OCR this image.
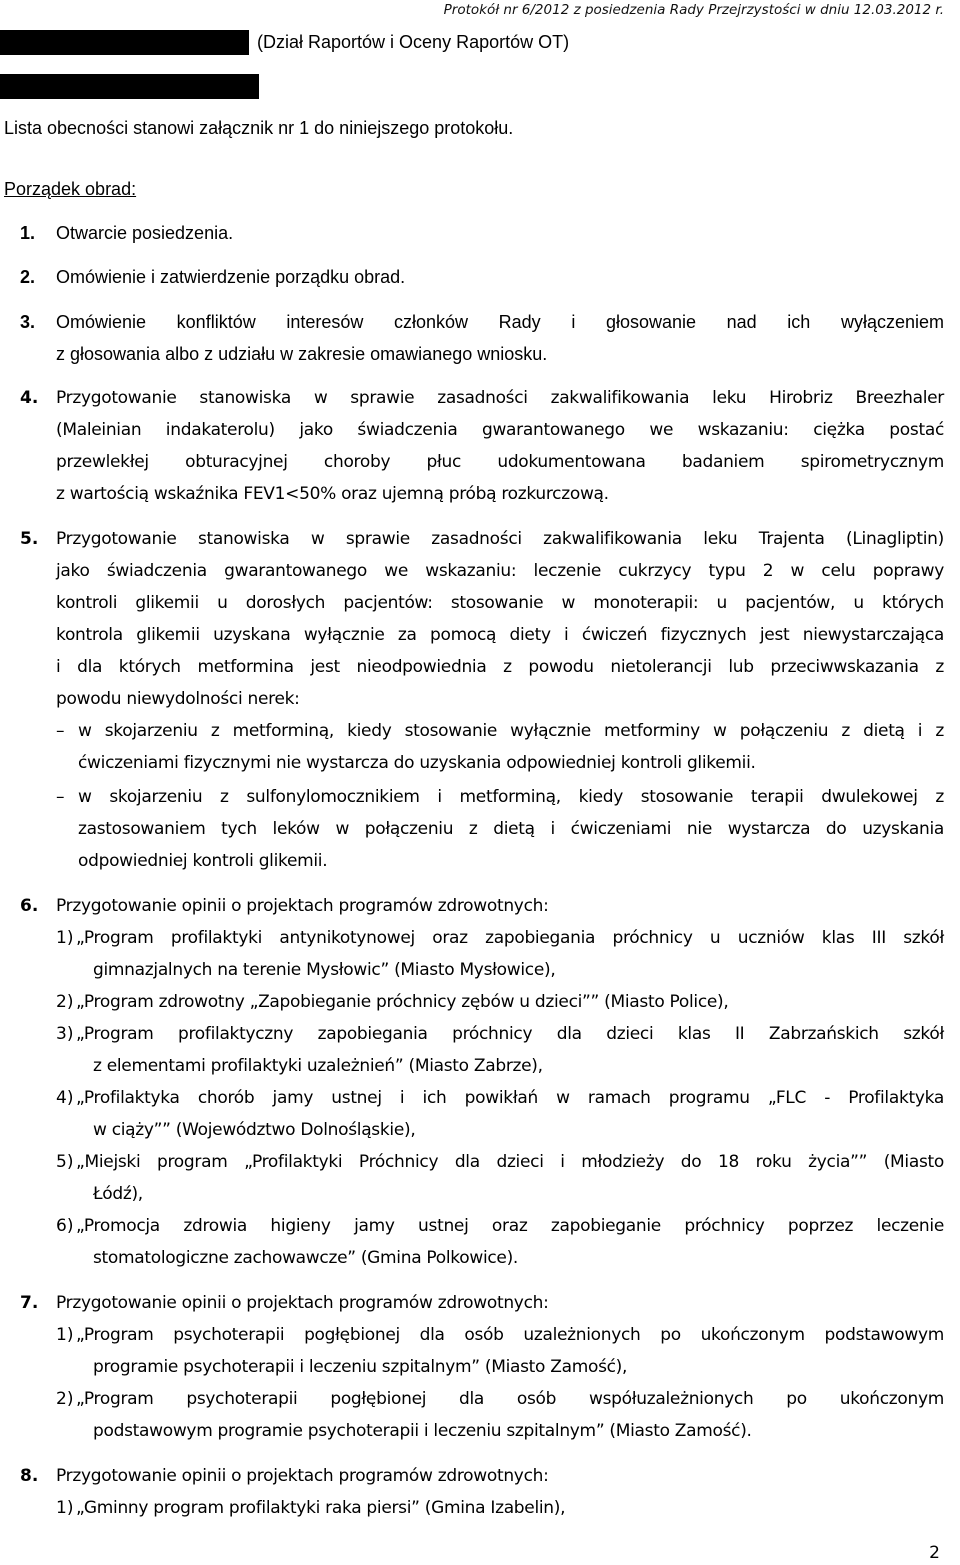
Protokół nr 6/2012 z posiedzenia Rady Przejrzystości w dniu 12.03.2012 r.
(Dział Raportów i Oceny Raportów OT)
Lista obecności stanowi załącznik nr 1 do niniejszego protokołu.
Porządek obrad:
1. Otwarcie posiedzenia.
2. Omówienie i zatwierdzenie porządku obrad.
3. Omówienie konfliktów interesów członków Rady i głosowanie nad ich wyłączeniem
z głosowania albo z udziału w zakresie omawianego wniosku.
4. Przygotowanie stanowiska w sprawie zasadności zakwalifikowania leku Hirobriz Breezhaler
(Maleinian indakaterolu) jako świadczenia gwarantowanego we wskazaniu: ciężka postać
przewlekłej obturacyjnej choroby płuc udokumentowana badaniem spirometrycznym
z wartością wskaźnika FEV1<50% oraz ujemną próbą rozkurczową.
5. Przygotowanie stanowiska w sprawie zasadności zakwalifikowania leku Trajenta (Linagliptin)
jako świadczenia gwarantowanego we wskazaniu: leczenie cukrzycy typu 2 w celu poprawy
kontroli glikemii u dorosłych pacjentów: stosowanie w monoterapii: u pacjentów, u których
kontrola glikemii uzyskana wyłącznie za pomocą diety i ćwiczeń fizycznych jest niewystarczająca
i dla których metformina jest nieodpowiednia z powodu nietolerancji lub przeciwwskazania z
powodu niewydolności nerek:
– w skojarzeniu z metforminą, kiedy stosowanie wyłącznie metforminy w połączeniu z dietą i z
ćwiczeniami fizycznymi nie wystarcza do uzyskania odpowiedniej kontroli glikemii.
– w skojarzeniu z sulfonylomocznikiem i metforminą, kiedy stosowanie terapii dwulekowej z
zastosowaniem tych leków w połączeniu z dietą i ćwiczeniami nie wystarcza do uzyskania
odpowiedniej kontroli glikemii.
6. Przygotowanie opinii o projektach programów zdrowotnych:
1) „Program profilaktyki antynikotynowej oraz zapobiegania próchnicy u uczniów klas III szkół
gimnazjalnych na terenie Mysłowic” (Miasto Mysłowice),
2) „Program zdrowotny „Zapobieganie próchnicy zębów u dzieci”” (Miasto Police),
3) „Program profilaktyczny zapobiegania próchnicy dla dzieci klas II Zabrzańskich szkół
z elementami profilaktyki uzależnień” (Miasto Zabrze),
4) „Profilaktyka chorób jamy ustnej i ich powikłań w ramach programu „FLC - Profilaktyka
w ciąży”” (Województwo Dolnośląskie),
5) „Miejski program „Profilaktyki Próchnicy dla dzieci i młodzieży do 18 roku życia”” (Miasto
Łódź),
6) „Promocja zdrowia higieny jamy ustnej oraz zapobieganie próchnicy poprzez leczenie
stomatologiczne zachowawcze” (Gmina Polkowice).
7. Przygotowanie opinii o projektach programów zdrowotnych:
1) „Program psychoterapii pogłębionej dla osób uzależnionych po ukończonym podstawowym
programie psychoterapii i leczeniu szpitalnym” (Miasto Zamość),
2) „Program psychoterapii pogłębionej dla osób współuzależnionych po ukończonym
podstawowym programie psychoterapii i leczeniu szpitalnym” (Miasto Zamość).
8. Przygotowanie opinii o projektach programów zdrowotnych:
1) „Gminny program profilaktyki raka piersi” (Gmina Izabelin),
2
